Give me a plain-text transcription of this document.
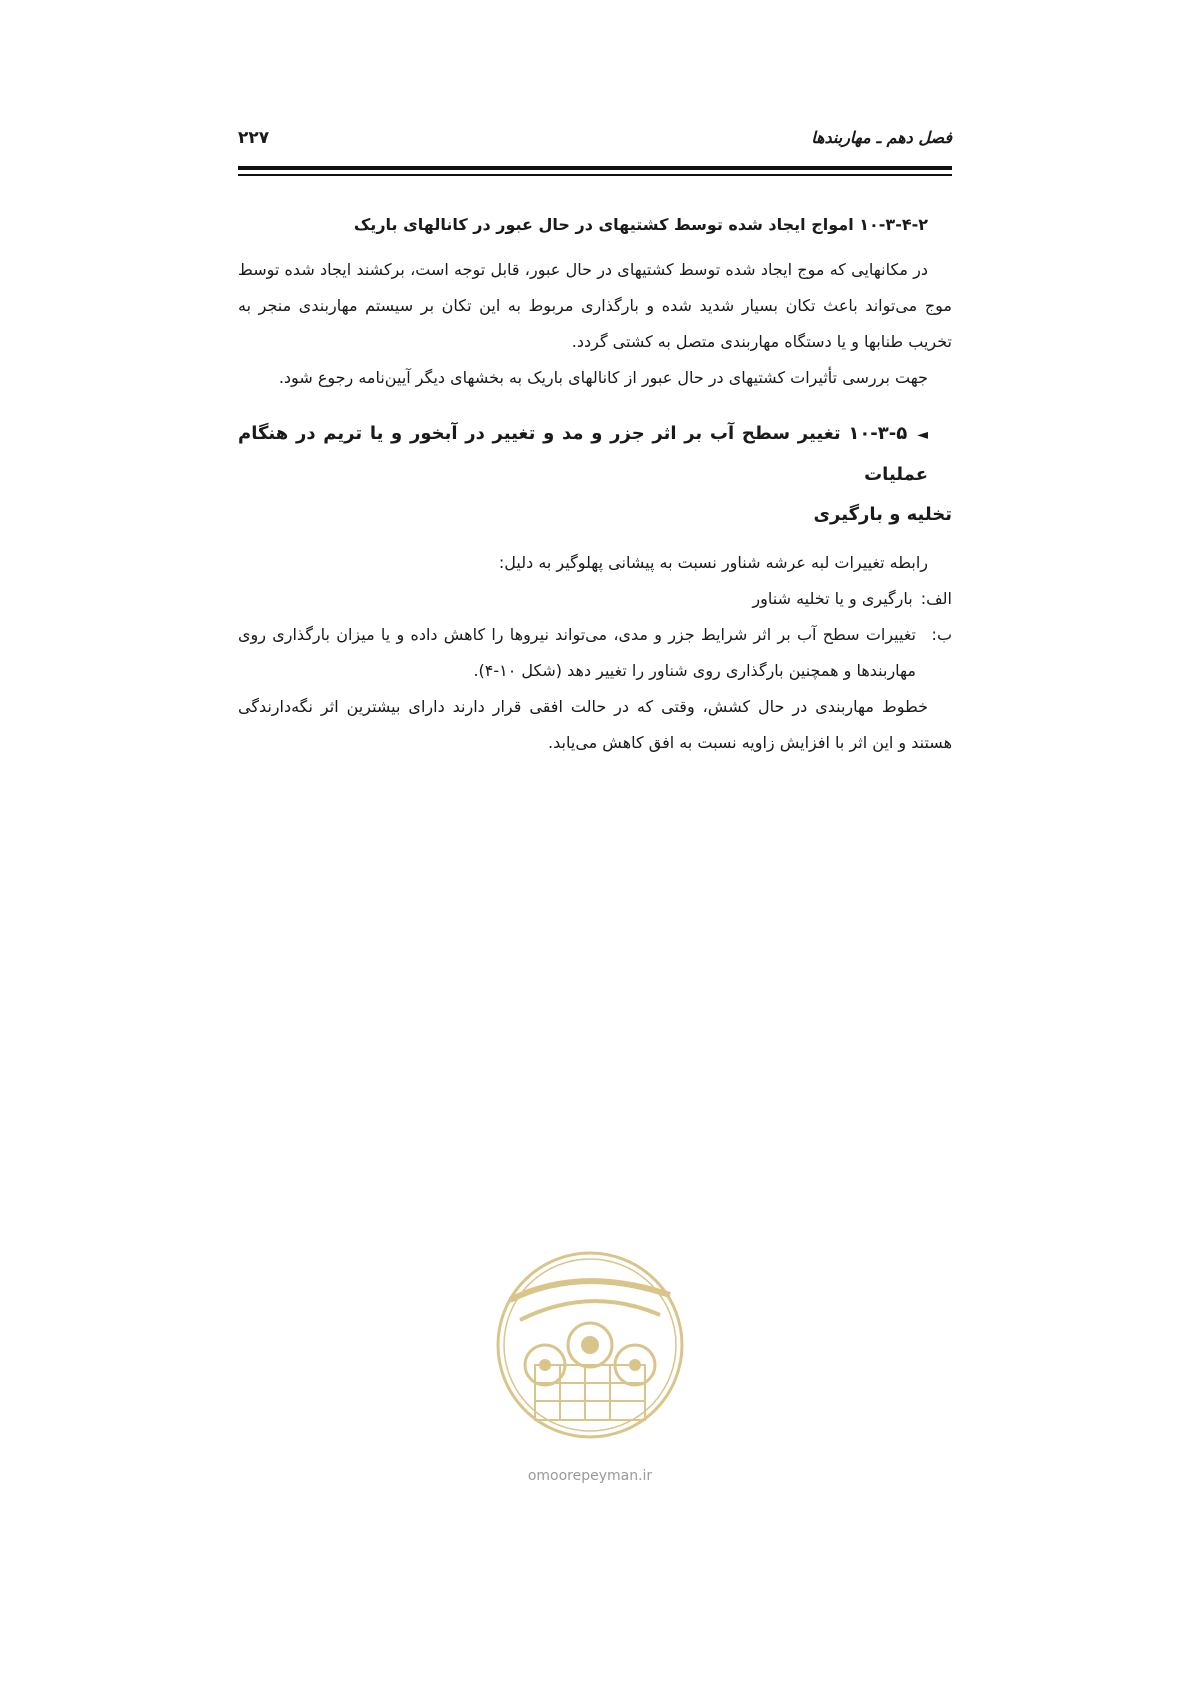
فصل دهم ـ مهاربندها
۲۲۷
۱۰-۳-۴-۲ امواج ایجاد شده توسط کشتیهای در حال عبور در کانالهای باریک

در مکانهایی که موج ایجاد شده توسط کشتیهای در حال عبور، قابل توجه است، برکشند ایجاد شده توسط موج می‌تواند باعث تکان بسیار شدید شده و بارگذاری مربوط به این تکان بر سیستم مهاربندی منجر به تخریب طنابها و یا دستگاه مهاربندی متصل به کشتی گردد.

جهت بررسی تأثیرات کشتیهای در حال عبور از کانالهای باریک به بخشهای دیگر آیین‌نامه رجوع شود.

◄۱۰-۳-۵ تغییر سطح آب بر اثر جزر و مد و تغییر در آبخور و یا تریم در هنگام عملیات
تخلیه و بارگیری

رابطه تغییرات لبه عرشه شناور نسبت به پیشانی پهلوگیر به دلیل:

الف:
بارگیری و یا تخلیه شناور
ب:
تغییرات سطح آب بر اثر شرایط جزر و مدی، می‌تواند نیروها را کاهش داده و یا میزان بارگذاری روی مهاربندها و همچنین بارگذاری روی شناور را تغییر دهد (شکل ۱۰-۴).

خطوط مهاربندی در حال کشش، وقتی که در حالت افقی قرار دارند دارای بیشترین اثر نگه‌دارندگی هستند و این اثر با افزایش زاویه نسبت به افق کاهش می‌یابد.

omoorepeyman.ir
